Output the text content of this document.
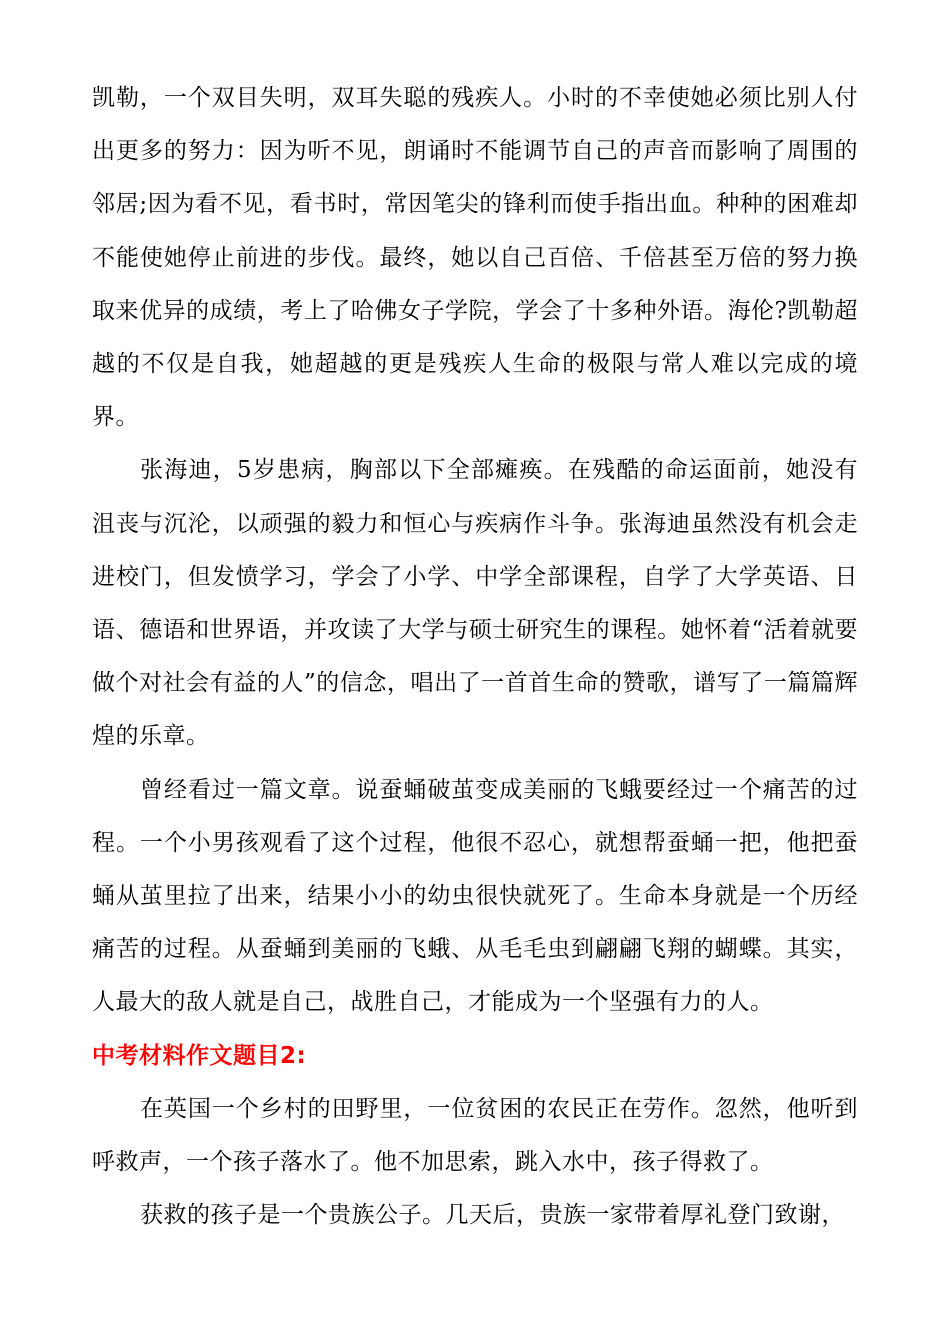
凯勒，一个双目失明，双耳失聪的残疾人。小时的不幸使她必须比别人付出更多的努力：因为听不见，朗诵时不能调节自己的声音而影响了周围的邻居;因为看不见，看书时，常因笔尖的锋利而使手指出血。种种的困难却不能使她停止前进的步伐。最终，她以自己百倍、千倍甚至万倍的努力换取来优异的成绩，考上了哈佛女子学院，学会了十多种外语。海伦?凯勒超越的不仅是自我，她超越的更是残疾人生命的极限与常人难以完成的境界。

张海迪，5岁患病，胸部以下全部瘫痪。在残酷的命运面前，她没有沮丧与沉沦，以顽强的毅力和恒心与疾病作斗争。张海迪虽然没有机会走进校门，但发愤学习，学会了小学、中学全部课程，自学了大学英语、日语、德语和世界语，并攻读了大学与硕士研究生的课程。她怀着“活着就要做个对社会有益的人”的信念，唱出了一首首生命的赞歌，谱写了一篇篇辉煌的乐章。

曾经看过一篇文章。说蚕蛹破茧变成美丽的飞蛾要经过一个痛苦的过程。一个小男孩观看了这个过程，他很不忍心，就想帮蚕蛹一把，他把蚕蛹从茧里拉了出来，结果小小的幼虫很快就死了。生命本身就是一个历经痛苦的过程。从蚕蛹到美丽的飞蛾、从毛毛虫到翩翩飞翔的蝴蝶。其实，人最大的敌人就是自己，战胜自己，才能成为一个坚强有力的人。

中考材料作文题目2:

在英国一个乡村的田野里，一位贫困的农民正在劳作。忽然，他听到呼救声，一个孩子落水了。他不加思索，跳入水中，孩子得救了。

获救的孩子是一个贵族公子。几天后，贵族一家带着厚礼登门致谢，
